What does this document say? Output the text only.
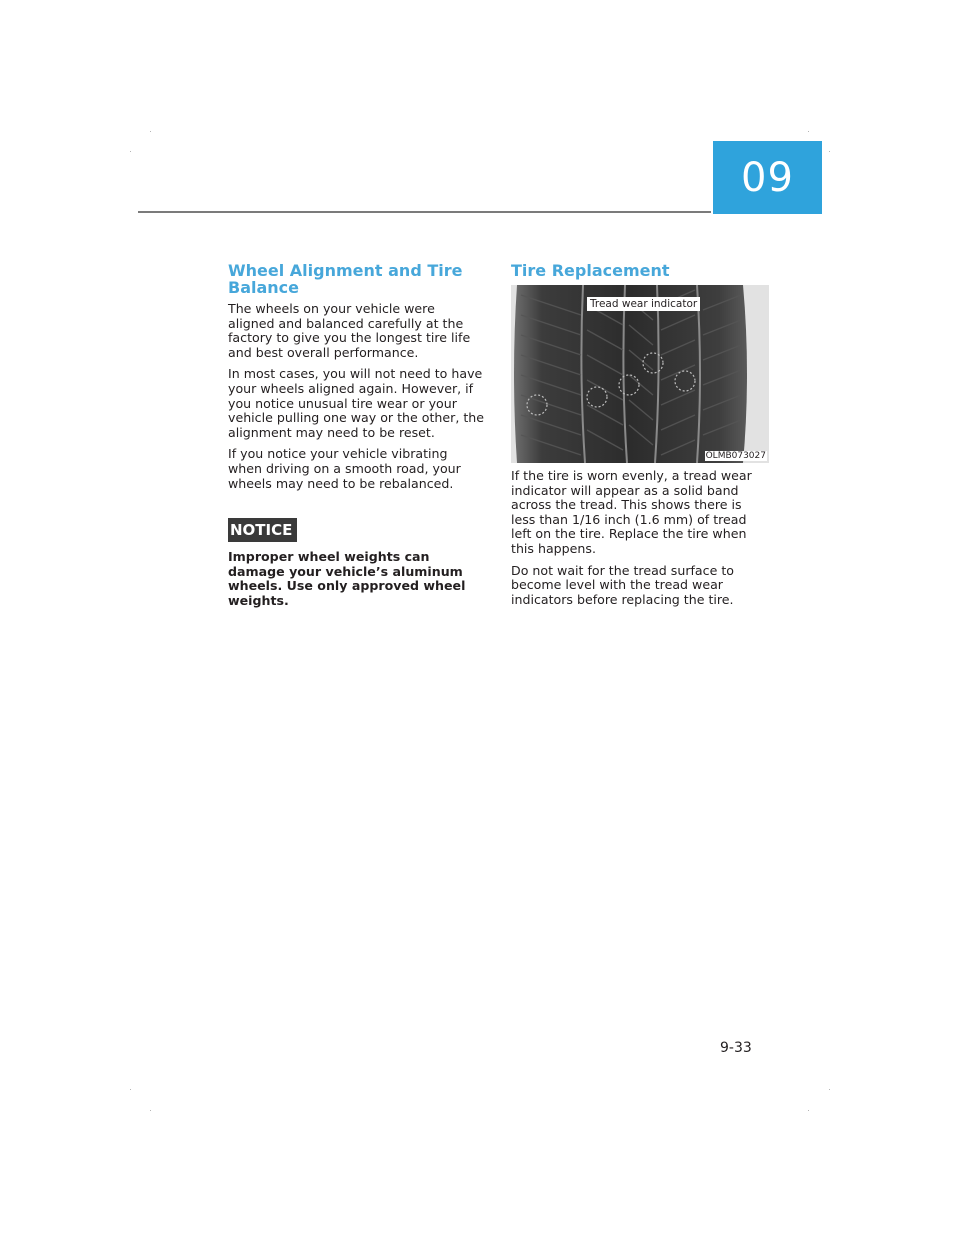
09
Wheel Alignment and Tire Balance

The wheels on your vehicle were aligned and balanced carefully at the factory to give you the longest tire life and best overall performance.

In most cases, you will not need to have your wheels aligned again. However, if you notice unusual tire wear or your vehicle pulling one way or the other, the alignment may need to be reset.

If you notice your vehicle vibrating when driving on a smooth road, your wheels may need to be rebalanced.

NOTICE

Improper wheel weights can damage your vehicle’s aluminum wheels. Use only approved wheel weights.

Tire Replacement
Tread wear indicator
OLMB073027

If the tire is worn evenly, a tread wear indicator will appear as a solid band across the tread. This shows there is less than 1/16 inch (1.6 mm) of tread left on the tire. Replace the tire when this happens.

Do not wait for the tread surface to become level with the tread wear indicators before replacing the tire.

9-33
